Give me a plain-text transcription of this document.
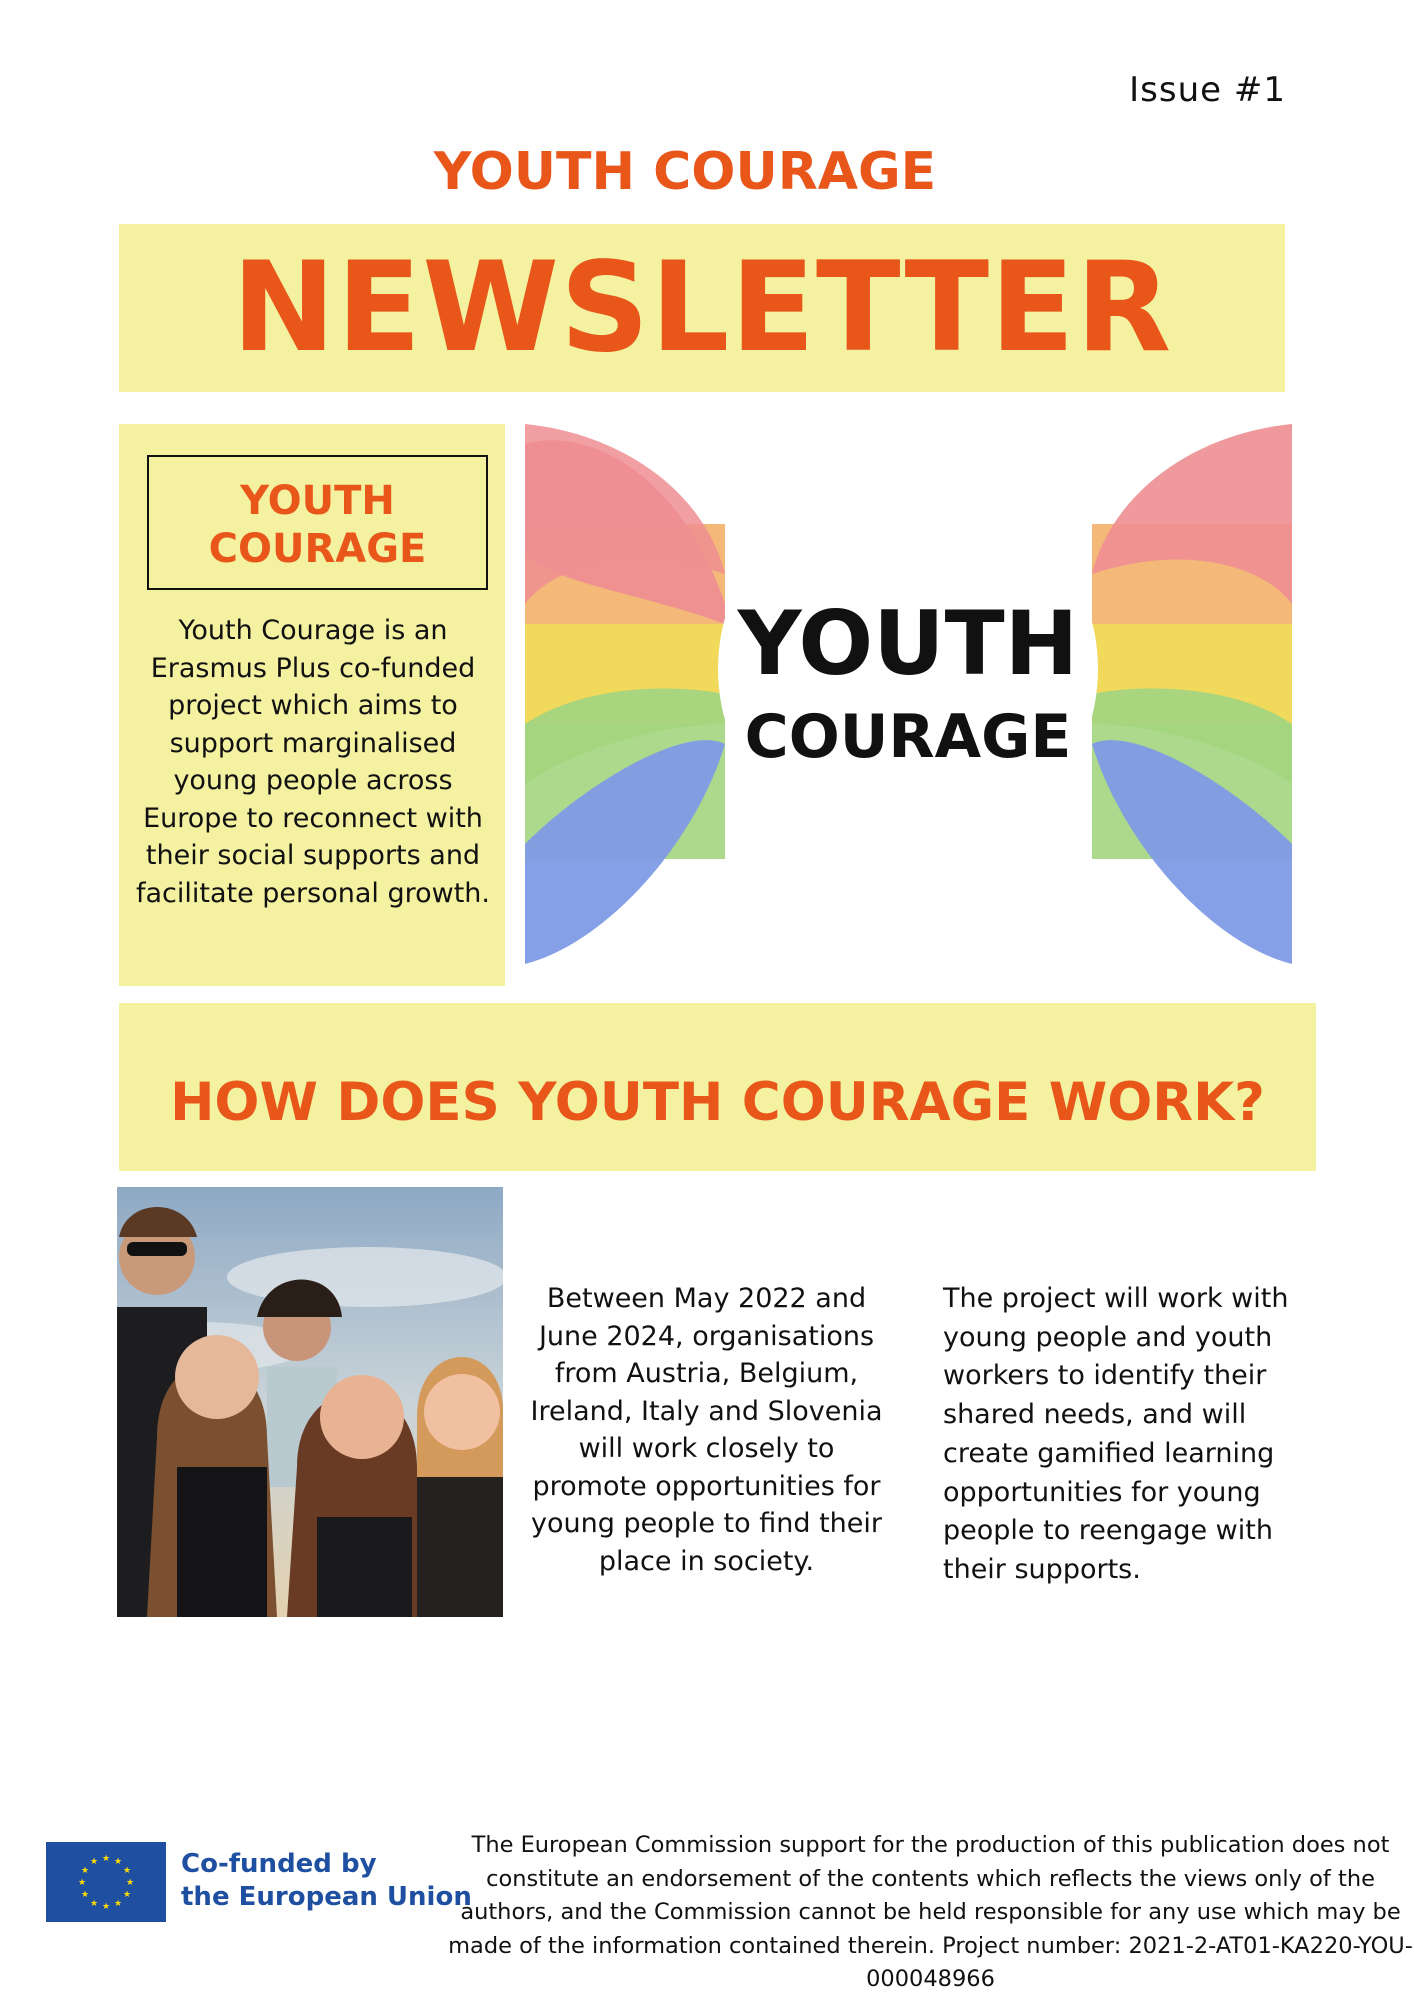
Issue #1
YOUTH COURAGE
NEWSLETTER
YOUTH
COURAGE
Youth Courage is an Erasmus Plus co-funded project which aims to support marginalised young people across Europe to reconnect with their social supports and facilitate personal growth.
YOUTH
COURAGE
HOW DOES YOUTH COURAGE WORK?
Between May 2022 and June 2024, organisations from Austria, Belgium, Ireland, Italy and Slovenia will work closely to promote opportunities for young people to find their place in society.
The project will work with young people and youth workers to identify their shared needs, and will create gamified learning opportunities for young people to reengage with their supports.
★ ★
★
★
★
★
★
★
★
★
★
★	Co-funded by
the European Union
The European Commission support for the production of this publication does not constitute an endorsement of the contents which reflects the views only of the authors, and the Commission cannot be held responsible for any use which may be made of the information contained therein. Project number: 2021-2-AT01-KA220-YOU-000048966
